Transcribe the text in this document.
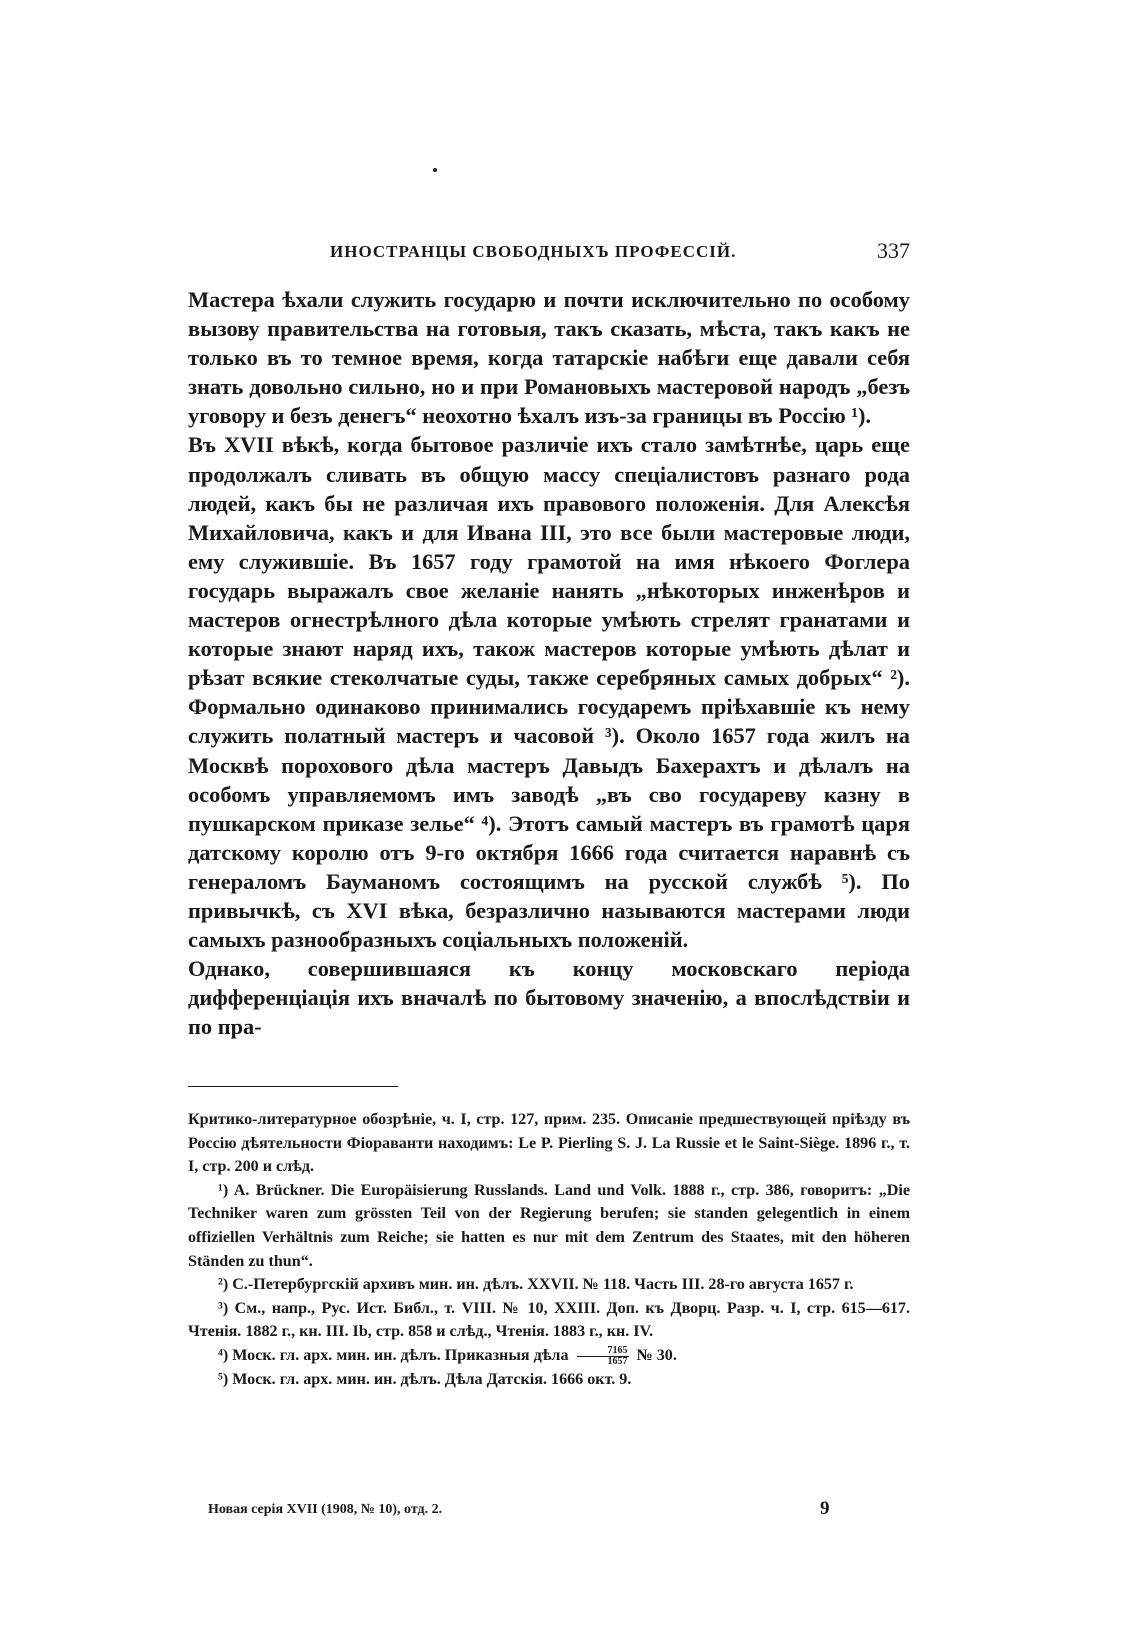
ИНОСТРАНЦЫ СВОБОДНЫХЪ ПРОФЕССІЙ.	337

Мастера ѣхали служить государю и почти исключительно по особому вызову правительства на готовыя, такъ сказать, мѣста, такъ какъ не только въ то темное время, когда татарскіе набѣги еще давали себя знать довольно сильно, но и при Романовыхъ мастеровой народъ „безъ уговору и безъ денегъ“ неохотно ѣхалъ изъ-за границы въ Россію ¹).

Въ XVII вѣкѣ, когда бытовое различіе ихъ стало замѣтнѣе, царь еще продолжалъ сливать въ общую массу спеціалистовъ разнаго рода людей, какъ бы не различая ихъ правового положенія. Для Алексѣя Михайловича, какъ и для Ивана III, это все были мастеровые люди, ему служившіе. Въ 1657 году грамотой на имя нѣкоего Фоглера государь выражалъ свое желаніе нанять „нѣкоторых инженѣров и мастеров огнестрѣлного дѣла которые умѣють стрелят гранатами и которые знают наряд ихъ, також мастеров которые умѣють дѣлат и рѣзат всякие стеколчатые суды, также серебряных самых добрых“ ²). Формально одинаково принимались государемъ пріѣхавшіе къ нему служить полатный мастеръ и часовой ³). Около 1657 года жилъ на Москвѣ порохового дѣла мастеръ Давыдъ Бахерахтъ и дѣлалъ на особомъ управляемомъ имъ заводѣ „въ сво государеву казну в пушкарском приказе зелье“ ⁴). Этотъ самый мастеръ въ грамотѣ царя датскому королю отъ 9-го октября 1666 года считается наравнѣ съ генераломъ Бауманомъ состоящимъ на русской службѣ ⁵). По привычкѣ, съ XVI вѣка, безразлично называются мастерами люди самыхъ разнообразныхъ соціальныхъ положеній.

Однако, совершившаяся къ концу московскаго періода дифференціація ихъ вначалѣ по бытовому значенію, а впослѣдствіи и по пра-

Критико-литературное обозрѣніе, ч. I, стр. 127, прим. 235. Описаніе предшествующей пріѣзду въ Россію дѣятельности Фіораванти находимъ: Le P. Pierling S. J. La Russie et le Saint-Siège. 1896 г., т. I, стр. 200 и слѣд.

¹) A. Brückner. Die Europäisierung Russlands. Land und Volk. 1888 г., стр. 386, говоритъ: „Die Techniker waren zum grössten Teil von der Regierung berufen; sie standen gelegentlich in einem offiziellen Verhältnis zum Reiche; sie hatten es nur mit dem Zentrum des Staates, mit den höheren Ständen zu thun“.

²) С.-Петербургскій архивъ мин. ин. дѣлъ. XXVII. № 118. Часть III. 28-го августа 1657 г.

³) См., напр., Рус. Ист. Библ., т. VIII. № 10, XXIII. Доп. къ Дворц. Разр. ч. I, стр. 615—617. Чтенія. 1882 г., кн. III. Ib, стр. 858 и слѣд., Чтенія. 1883 г., кн. IV.

⁴) Моск. гл. арх. мин. ин. дѣлъ. Приказныя дѣла $\frac{7165}{1657}$ № 30.

⁵) Моск. гл. арх. мин. ин. дѣлъ. Дѣла Датскія. 1666 окт. 9.

Новая серія XVII (1908, № 10), отд. 2.	9
